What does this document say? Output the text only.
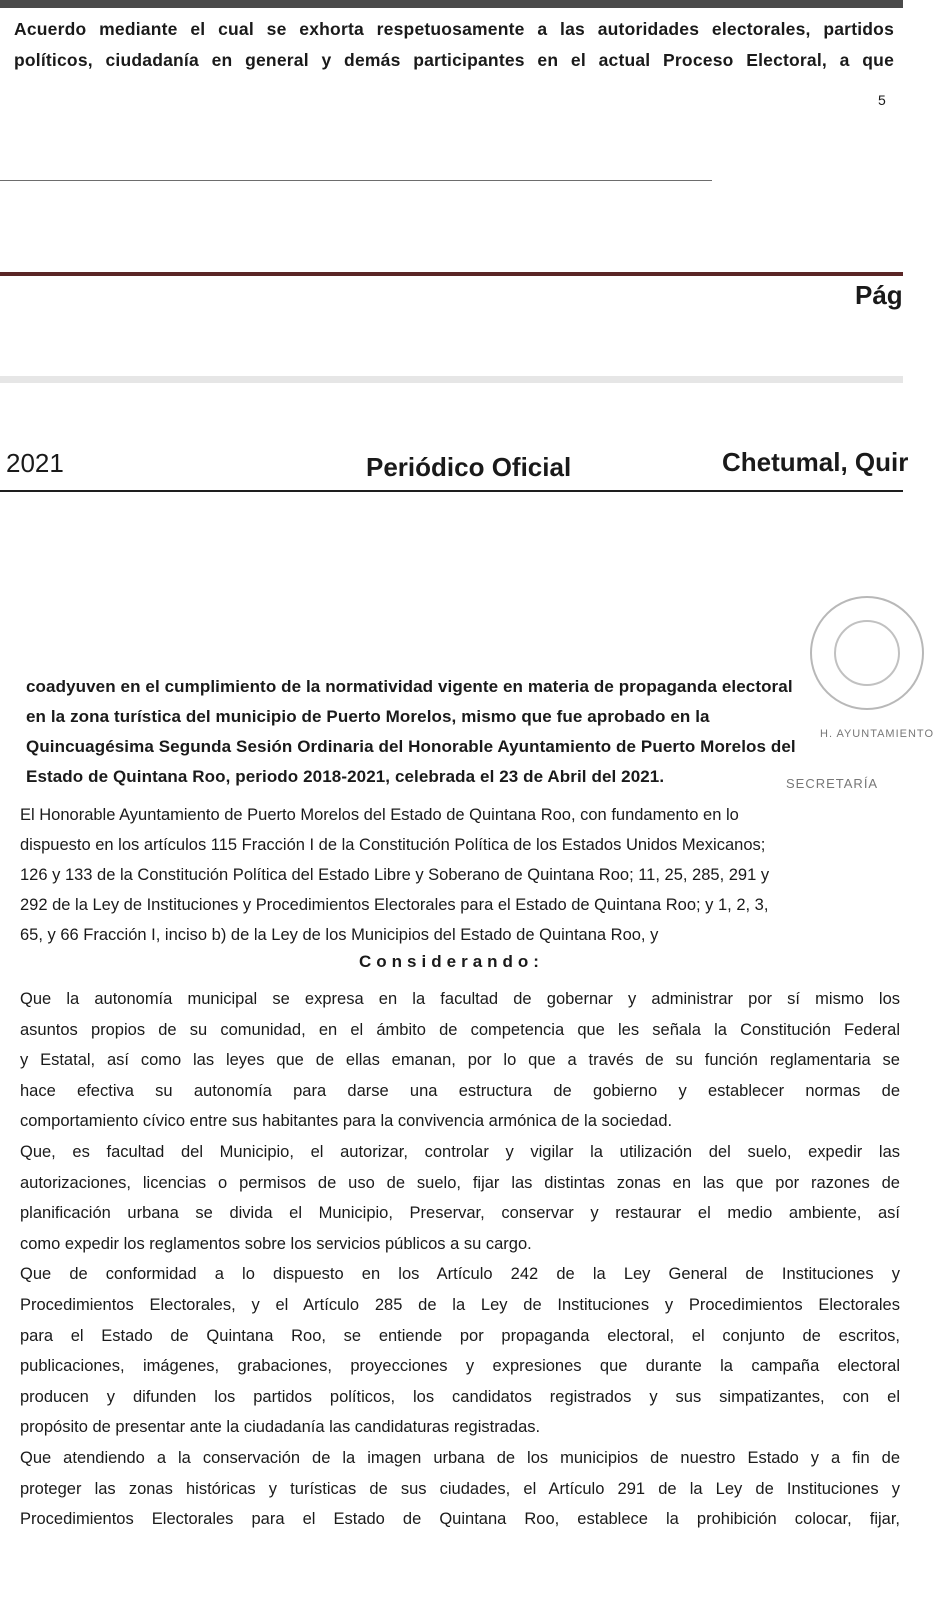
Acuerdo mediante el cual se exhorta respetuosamente a las autoridades electorales, partidos
políticos, ciudadanía en general y demás participantes en el actual Proceso Electoral, a que
5
Pág
2021	Periódico Oficial	Chetumal, Quir
H. AYUNTAMIENTO
SECRETARÍA
coadyuven en el cumplimiento de la normatividad vigente en materia de propaganda electoral
en la zona turística del municipio de Puerto Morelos, mismo que fue aprobado en la
Quincuagésima Segunda Sesión Ordinaria del Honorable Ayuntamiento de Puerto Morelos del
Estado de Quintana Roo, periodo 2018-2021, celebrada el 23 de Abril del 2021.
El Honorable Ayuntamiento de Puerto Morelos del Estado de Quintana Roo, con fundamento en lo
dispuesto en los artículos 115 Fracción I de la Constitución Política de los Estados Unidos Mexicanos;
126 y 133 de la Constitución Política del Estado Libre y Soberano de Quintana Roo; 11, 25, 285, 291 y
292 de la Ley de Instituciones y Procedimientos Electorales para el Estado de Quintana Roo; y 1, 2, 3,
65, y 66 Fracción I, inciso b) de la Ley de los Municipios del Estado de Quintana Roo, y
Considerando:
Que la autonomía municipal se expresa en la facultad de gobernar y administrar por sí mismo los
asuntos propios de su comunidad, en el ámbito de competencia que les señala la Constitución Federal
y Estatal, así como las leyes que de ellas emanan, por lo que a través de su función reglamentaria se
hace efectiva su autonomía para darse una estructura de gobierno y establecer normas de
comportamiento cívico entre sus habitantes para la convivencia armónica de la sociedad.
Que, es facultad del Municipio, el autorizar, controlar y vigilar la utilización del suelo, expedir las
autorizaciones, licencias o permisos de uso de suelo, fijar las distintas zonas en las que por razones de
planificación urbana se divida el Municipio, Preservar, conservar y restaurar el medio ambiente, así
como expedir los reglamentos sobre los servicios públicos a su cargo.
Que de conformidad a lo dispuesto en los Artículo 242 de la Ley General de Instituciones y
Procedimientos Electorales, y el Artículo 285 de la Ley de Instituciones y Procedimientos Electorales
para el Estado de Quintana Roo, se entiende por propaganda electoral, el conjunto de escritos,
publicaciones, imágenes, grabaciones, proyecciones y expresiones que durante la campaña electoral
producen y difunden los partidos políticos, los candidatos registrados y sus simpatizantes, con el
propósito de presentar ante la ciudadanía las candidaturas registradas.
Que atendiendo a la conservación de la imagen urbana de los municipios de nuestro Estado y a fin de
proteger las zonas históricas y turísticas de sus ciudades, el Artículo 291 de la Ley de Instituciones y
Procedimientos Electorales para el Estado de Quintana Roo, establece la prohibición colocar, fijar,
